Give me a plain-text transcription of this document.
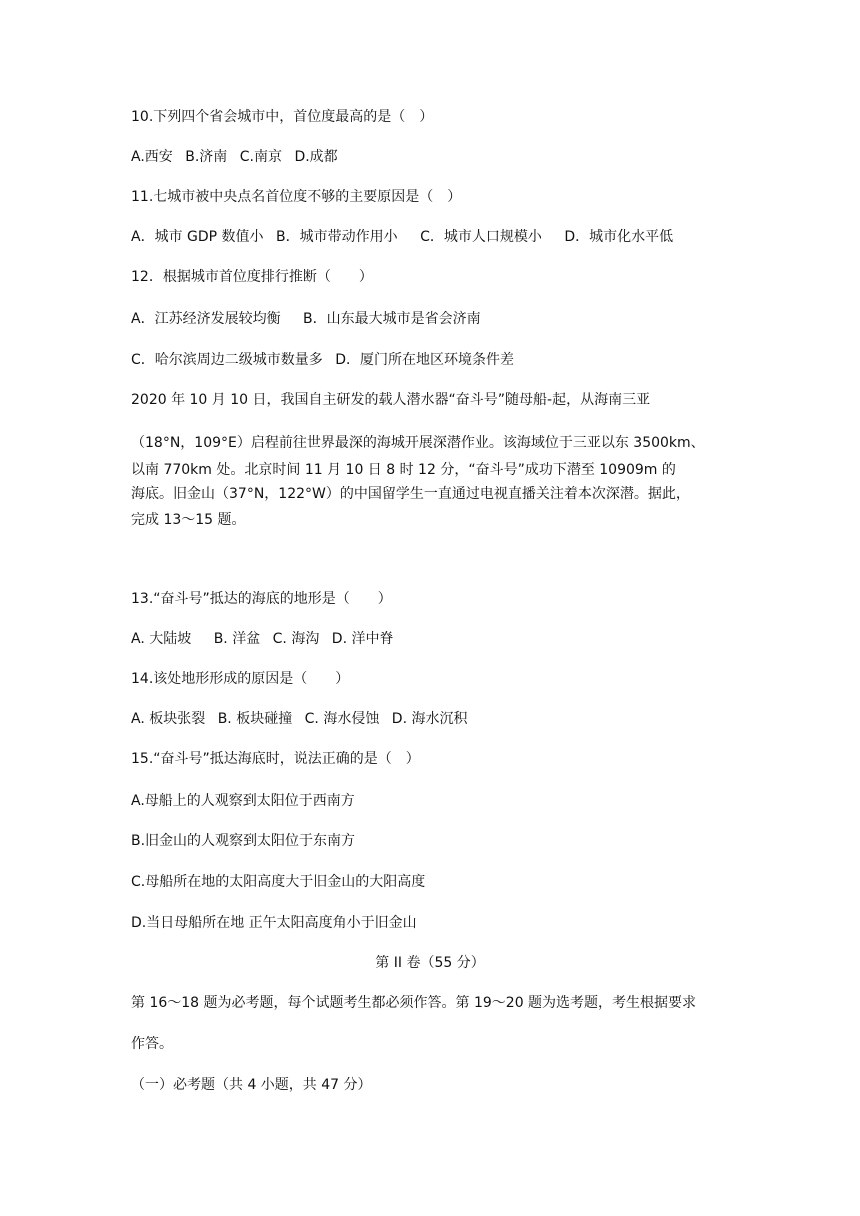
10.下列四个省会城市中，首位度最高的是（　）
A.西安 B.济南 C.南京 D.成都
11.七城市被中央点名首位度不够的主要原因是（　）
A．城市 GDP 数值小 B．城市带动作用小 C．城市人口规模小 D．城市化水平低
12．根据城市首位度排行推断（　　）
A．江苏经济发展较均衡 B．山东最大城市是省会济南
C．哈尔滨周边二级城市数量多 D．厦门所在地区环境条件差
2020 年 10 月 10 日，我国自主研发的载人潜水器“奋斗号”随母船-起，从海南三亚
（18°N，109°E）启程前往世界最深的海城开展深潜作业。该海域位于三亚以东 3500km、
以南 770km 处。北京时间 11 月 10 日 8 时 12 分，“奋斗号”成功下潜至 10909m 的
海底。旧金山（37°N，122°W）的中国留学生一直通过电视直播关注着本次深潜。据此，
完成 13～15 题。
13.“奋斗号”抵达的海底的地形是（　　）
A. 大陆坡 B. 洋盆 C. 海沟 D. 洋中脊
14.该处地形形成的原因是（　　）
A. 板块张裂 B. 板块碰撞 C. 海水侵蚀 D. 海水沉积
15.“奋斗号”抵达海底时，说法正确的是（　）
A.母船上的人观察到太阳位于西南方
B.旧金山的人观察到太阳位于东南方
C.母船所在地的太阳高度大于旧金山的大阳高度
D.当日母船所在地 正午太阳高度角小于旧金山
第 II 卷（55 分）
第 16～18 题为必考题，每个试题考生都必须作答。第 19～20 题为选考题，考生根据要求
作答。
（一）必考题（共 4 小题，共 47 分）
